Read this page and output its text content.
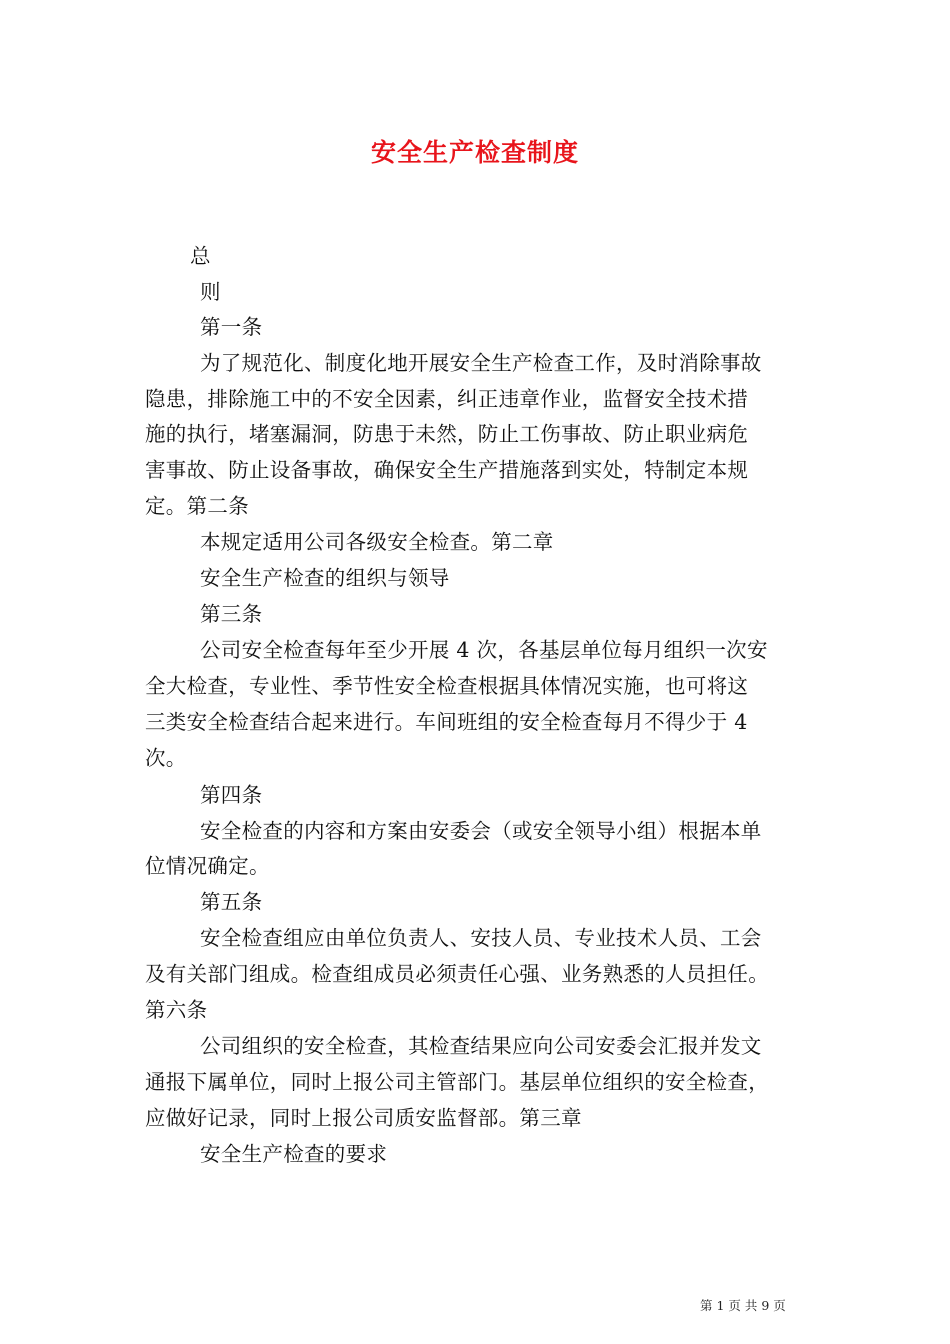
安全生产检查制度
总
则
第一条
为了规范化、制度化地开展安全生产检查工作，及时消除事故
隐患，排除施工中的不安全因素，纠正违章作业，监督安全技术措
施的执行，堵塞漏洞，防患于未然，防止工伤事故、防止职业病危
害事故、防止设备事故，确保安全生产措施落到实处，特制定本规
定。第二条
本规定适用公司各级安全检查。第二章
安全生产检查的组织与领导
第三条
公司安全检查每年至少开展 4 次，各基层单位每月组织一次安
全大检查，专业性、季节性安全检查根据具体情况实施，也可将这
三类安全检查结合起来进行。车间班组的安全检查每月不得少于 4
次。
第四条
安全检查的内容和方案由安委会（或安全领导小组）根据本单
位情况确定。
第五条
安全检查组应由单位负责人、安技人员、专业技术人员、工会
及有关部门组成。检查组成员必须责任心强、业务熟悉的人员担任。
第六条
公司组织的安全检查，其检查结果应向公司安委会汇报并发文
通报下属单位，同时上报公司主管部门。基层单位组织的安全检查，
应做好记录，同时上报公司质安监督部。第三章
安全生产检查的要求
第 1 页 共 9 页
